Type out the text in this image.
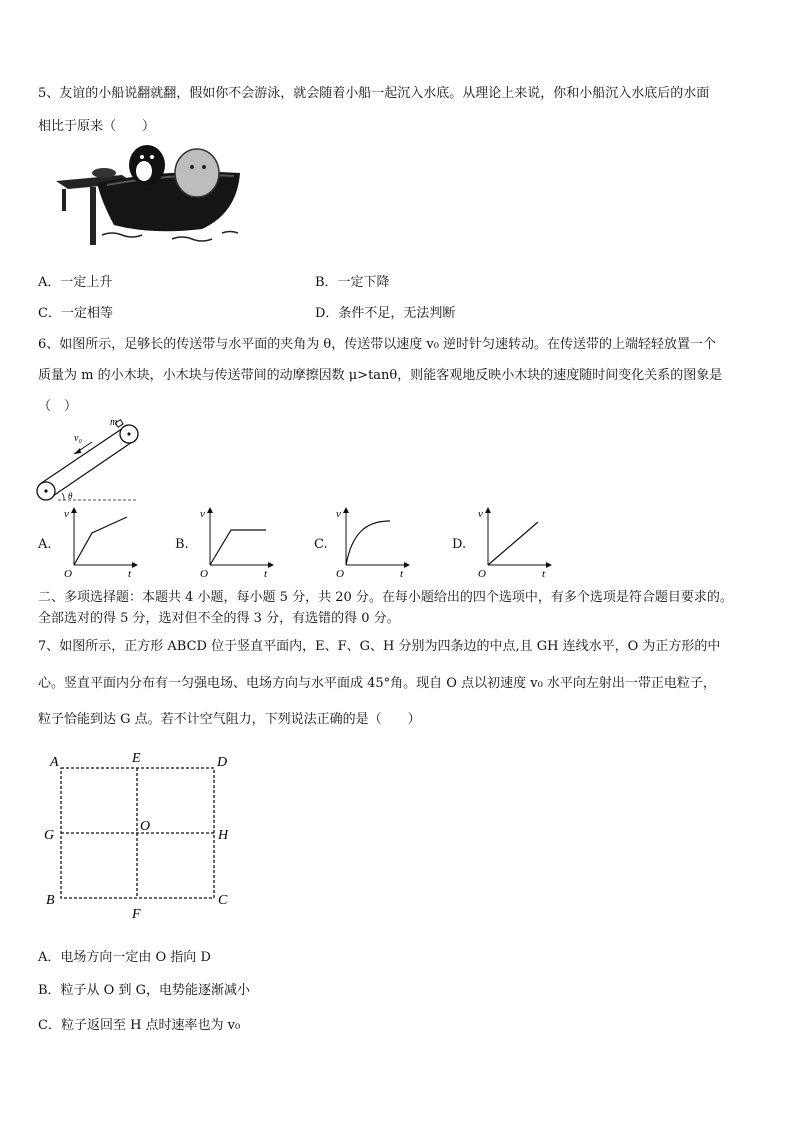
5、友谊的小船说翻就翻，假如你不会游泳，就会随着小船一起沉入水底。从理论上来说，你和小船沉入水底后的水面
相比于原来（　　）
A．一定上升	B．一定下降
C．一定相等	D．条件不足，无法判断
6、如图所示，足够长的传送带与水平面的夹角为 θ，传送带以速度 v₀ 逆时针匀速转动。在传送带的上端轻轻放置一个
质量为 m 的小木块，小木块与传送带间的动摩擦因数 μ>tanθ，则能客观地反映小木块的速度随时间变化关系的图象是
（　）
m
v₀
θ
A.
v
O	t
B.
v
O	t
C.
v
O	t
D.
v
O	t
二、多项选择题：本题共 4 小题，每小题 5 分，共 20 分。在每小题给出的四个选项中，有多个选项是符合题目要求的。
全部选对的得 5 分，选对但不全的得 3 分，有选错的得 0 分。
7、如图所示，正方形 ABCD 位于竖直平面内，E、F、G、H 分别为四条边的中点,且 GH 连线水平，O 为正方形的中
心。竖直平面内分布有一匀强电场、电场方向与水平面成 45°角。现自 O 点以初速度 v₀ 水平向左射出一带正电粒子，
粒子恰能到达 G 点。若不计空气阻力，下列说法正确的是（　　）
A	E	D
G
O
H
B
F
C
A．电场方向一定由 O 指向 D
B．粒子从 O 到 G，电势能逐渐减小
C．粒子返回至 H 点时速率也为 v₀
